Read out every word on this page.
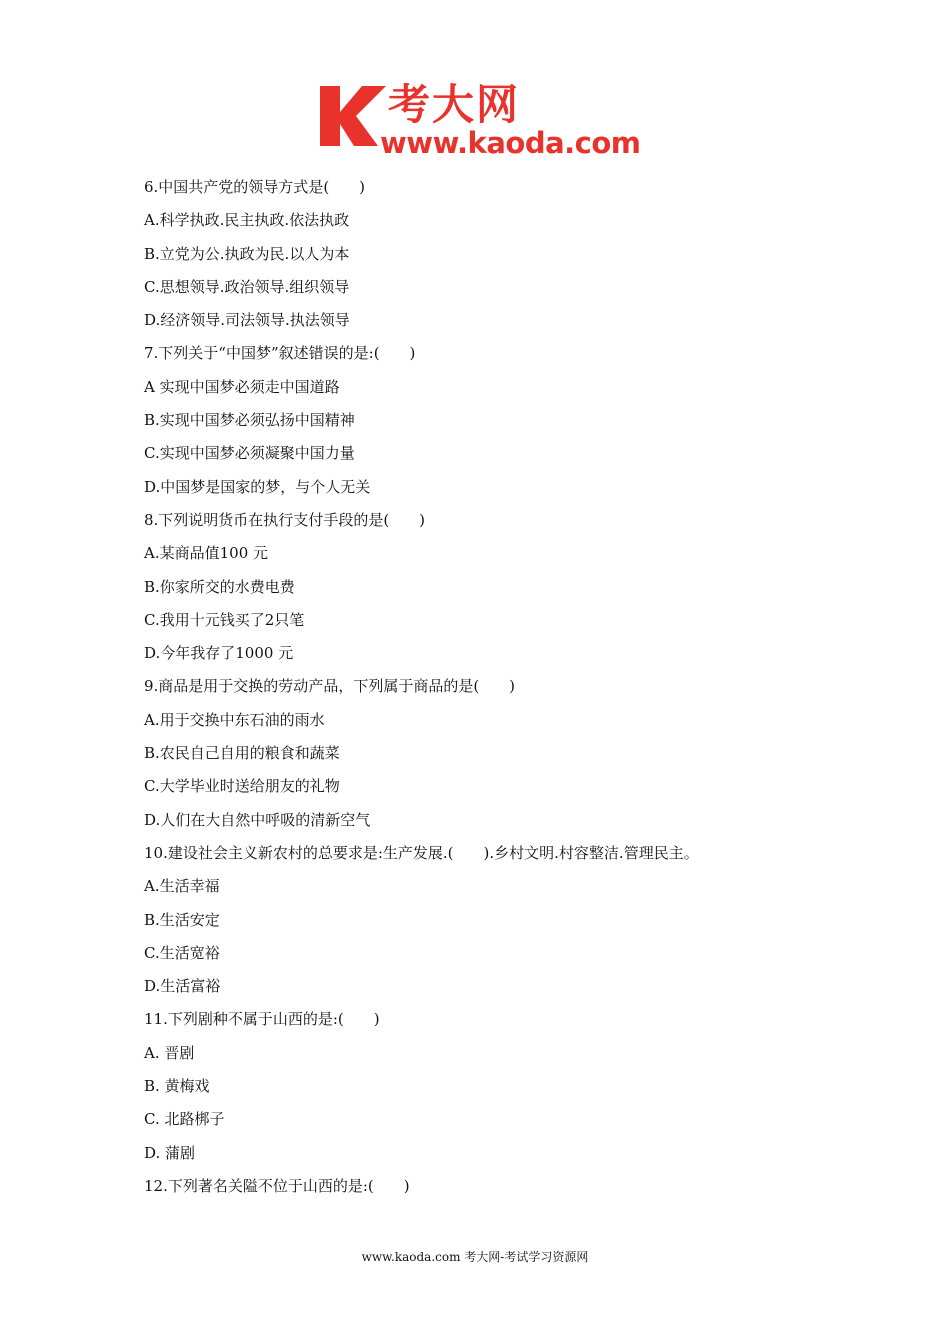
考大网
www.kaoda.com
6.中国共产党的领导方式是(　　)
A.科学执政.民主执政.依法执政
B.立党为公.执政为民.以人为本
C.思想领导.政治领导.组织领导
D.经济领导.司法领导.执法领导
7.下列关于“中国梦”叙述错误的是:(　　)
A 实现中国梦必须走中国道路
B.实现中国梦必须弘扬中国精神
C.实现中国梦必须凝聚中国力量
D.中国梦是国家的梦，与个人无关
8.下列说明货币在执行支付手段的是(　　)
A.某商品值100 元
B.你家所交的水费电费
C.我用十元钱买了2只笔
D.今年我存了1000 元
9.商品是用于交换的劳动产品，下列属于商品的是(　　)
A.用于交换中东石油的雨水
B.农民自己自用的粮食和蔬菜
C.大学毕业时送给朋友的礼物
D.人们在大自然中呼吸的清新空气
10.建设社会主义新农村的总要求是:生产发展.(　　).乡村文明.村容整洁.管理民主。
A.生活幸福
B.生活安定
C.生活宽裕
D.生活富裕
11.下列剧种不属于山西的是:(　　)
A. 晋剧
B. 黄梅戏
C. 北路梆子
D. 蒲剧
12.下列著名关隘不位于山西的是:(　　)
www.kaoda.com 考大网-考试学习资源网
